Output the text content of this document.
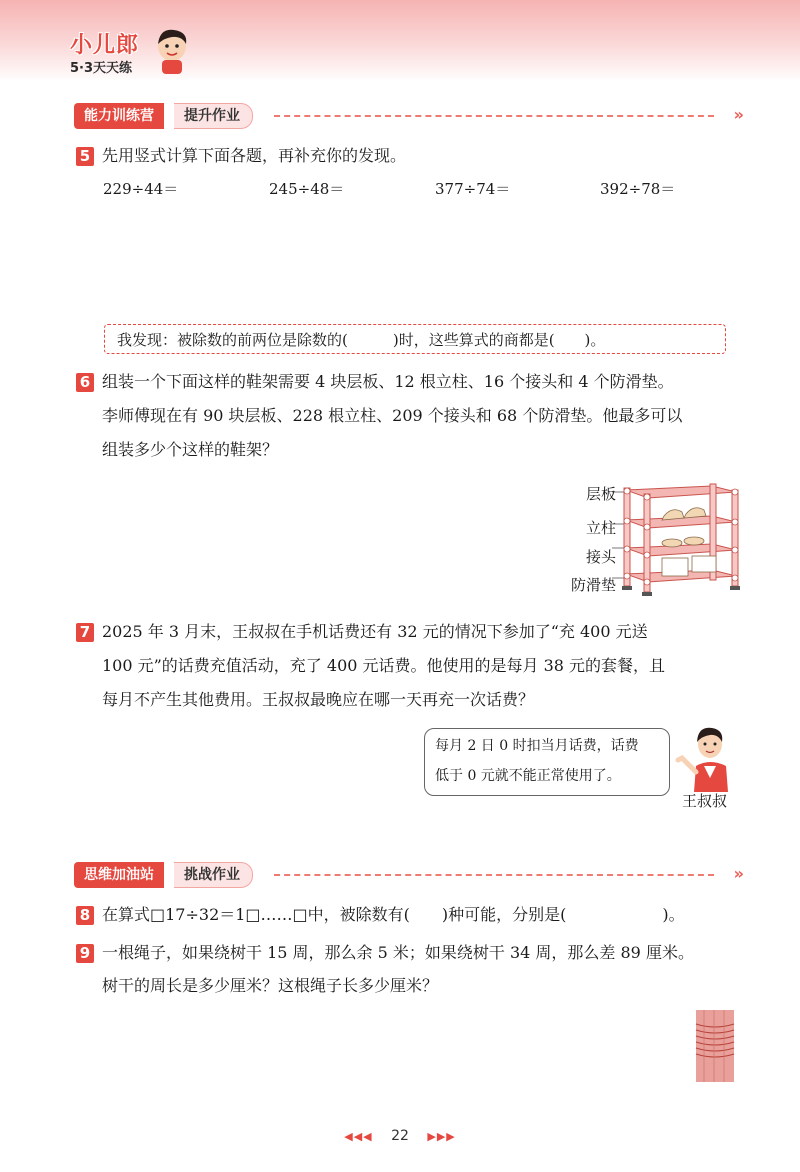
小儿郎
5·3天天练
能力训练营	提升作业	»
5 先用竖式计算下面各题，再补充你的发现。
229÷44＝	245÷48＝	377÷74＝	392÷78＝
我发现：被除数的前两位是除数的(　　　)时，这些算式的商都是(　　)。
6 组装一个下面这样的鞋架需要 4 块层板、12 根立柱、16 个接头和 4 个防滑垫。
李师傅现在有 90 块层板、228 根立柱、209 个接头和 68 个防滑垫。他最多可以
组装多少个这样的鞋架？
层板
立柱
接头
防滑垫
7 2025 年 3 月末，王叔叔在手机话费还有 32 元的情况下参加了“充 400 元送
100 元”的话费充值活动，充了 400 元话费。他使用的是每月 38 元的套餐，且
每月不产生其他费用。王叔叔最晚应在哪一天再充一次话费？
每月 2 日 0 时扣当月话费，话费
低于 0 元就不能正常使用了。
王叔叔
思维加油站	挑战作业	»
8 在算式□17÷32＝1□……□中，被除数有(　　)种可能，分别是(　　　　　　)。
9 一根绳子，如果绕树干 15 周，那么余 5 米；如果绕树干 34 周，那么差 89 厘米。
树干的周长是多少厘米？这根绳子长多少厘米？
◀◀◀ 22 ▶▶▶
